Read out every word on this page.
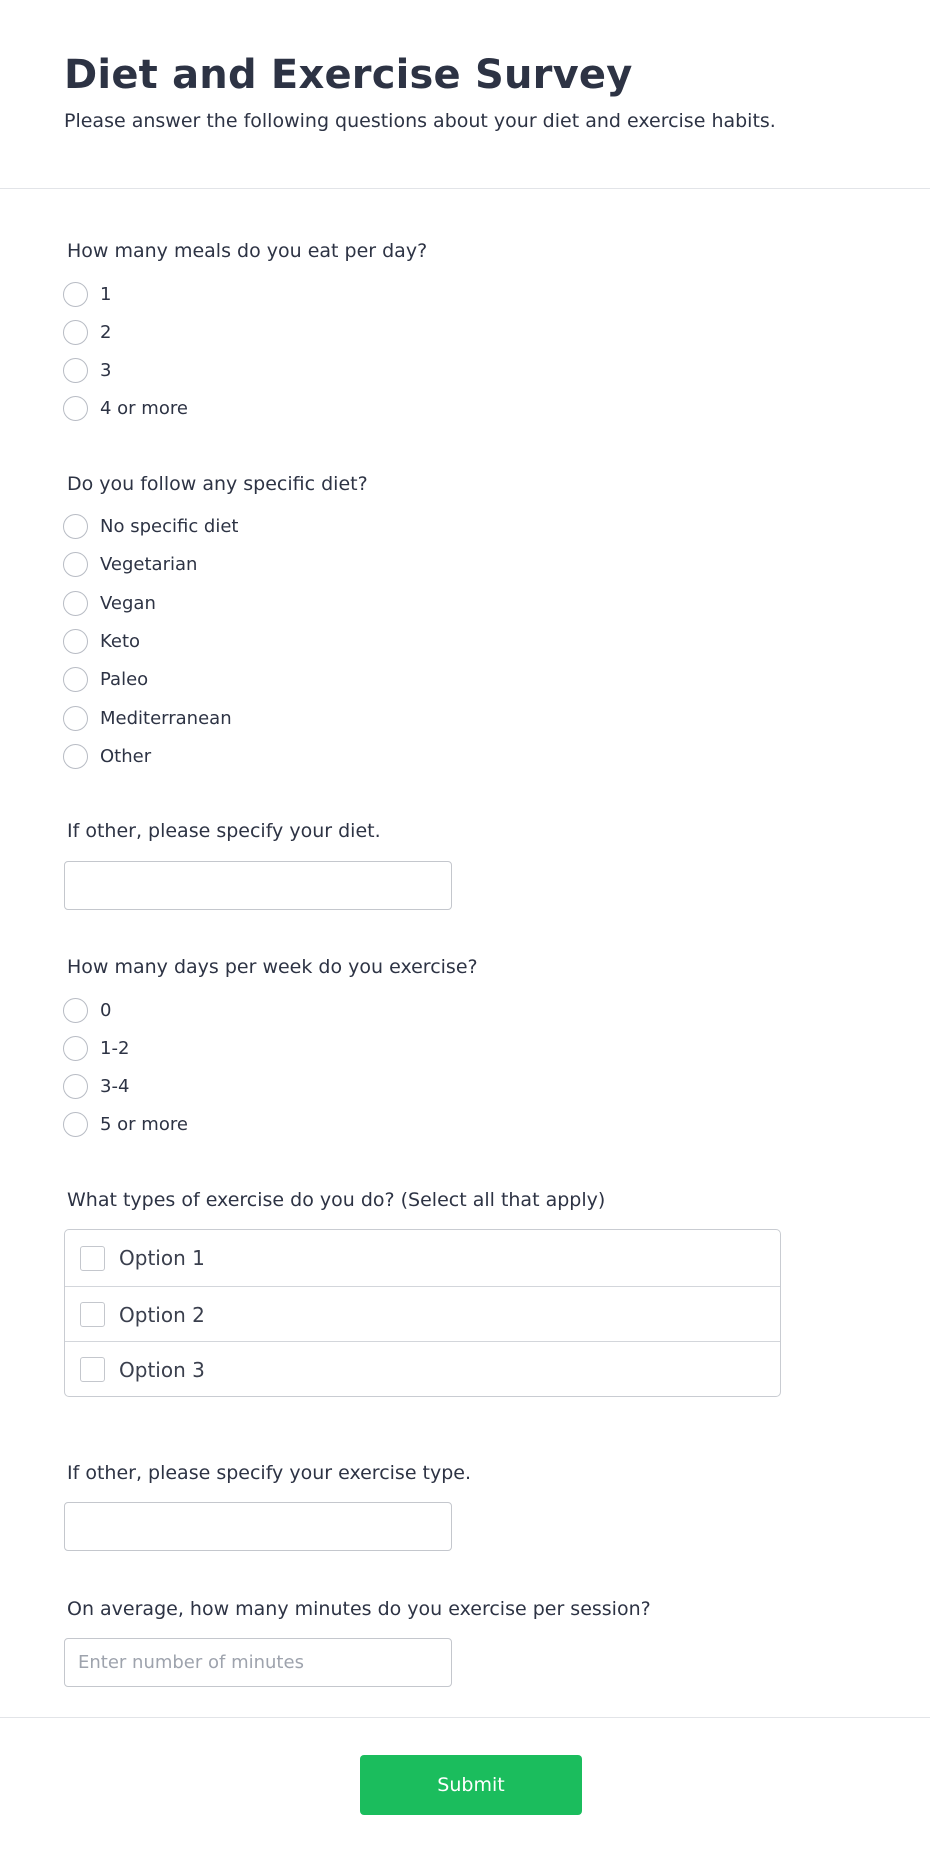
Diet and Exercise Survey

Please answer the following questions about your diet and exercise habits.

How many meals do you eat per day?
1
2
3
4 or more
Do you follow any specific diet?
No specific diet
Vegetarian
Vegan
Keto
Paleo
Mediterranean
Other
If other, please specify your diet.
How many days per week do you exercise?
0
1-2
3-4
5 or more
What types of exercise do you do? (Select all that apply)
Option 1
Option 2
Option 3
If other, please specify your exercise type.
On average, how many minutes do you exercise per session?
Enter number of minutes
Submit
